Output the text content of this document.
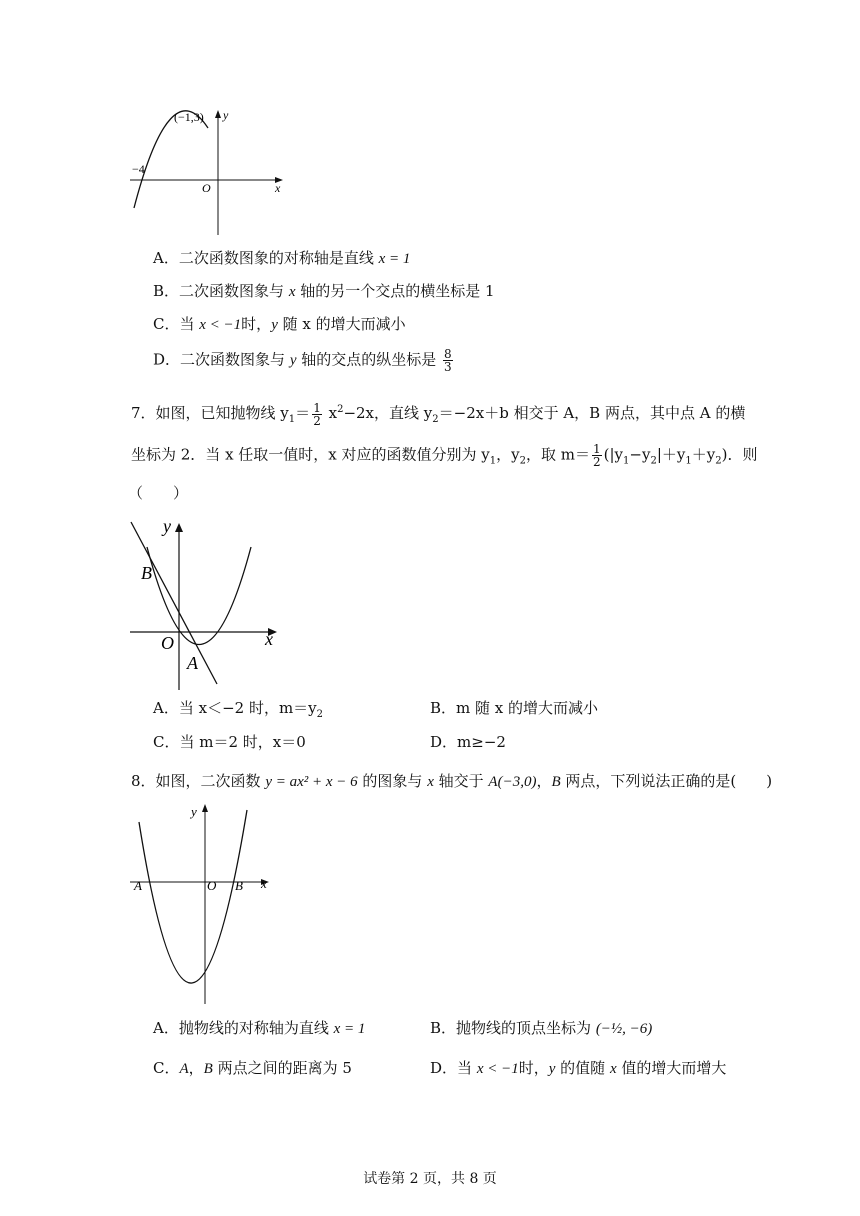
(−1,3)
−4
O	x
y
A．二次函数图象的对称轴是直线 x = 1
B．二次函数图象与 x 轴的另一个交点的横坐标是 1
C．当 x < −1时，y 随 x 的增大而减小
D．二次函数图象与 y 轴的交点的纵坐标是 $\frac{8}{3}$
7．如图，已知抛物线 $y_1= \frac{1}{2} x^2-2x$，直线 $y_2=-2x+b$ 相交于 A，B 两点，其中点 A 的横
坐标为 2．当 x 任取一值时，x 对应的函数值分别为 $y_1$，$y_2$，取 $m= \frac{1}{2} (|y_1-y_2|+y_1+y_2)$．则
（　　）
y
x
O
A
B
A．当 x＜−2 时，$m=y_2$	B．m 随 x 的增大而减小
C．当 m＝2 时，x＝0	D．m≥−2
8．如图，二次函数 y = ax² + x − 6 的图象与 x 轴交于 A(−3,0)，B 两点，下列说法正确的是(　　)
y
x
O
A	B
A．抛物线的对称轴为直线 x = 1	B．抛物线的顶点坐标为 (−½, −6)
C．A，B 两点之间的距离为 5	D．当 x < −1时，y 的值随 x 值的增大而增大
试卷第 2 页，共 8 页
